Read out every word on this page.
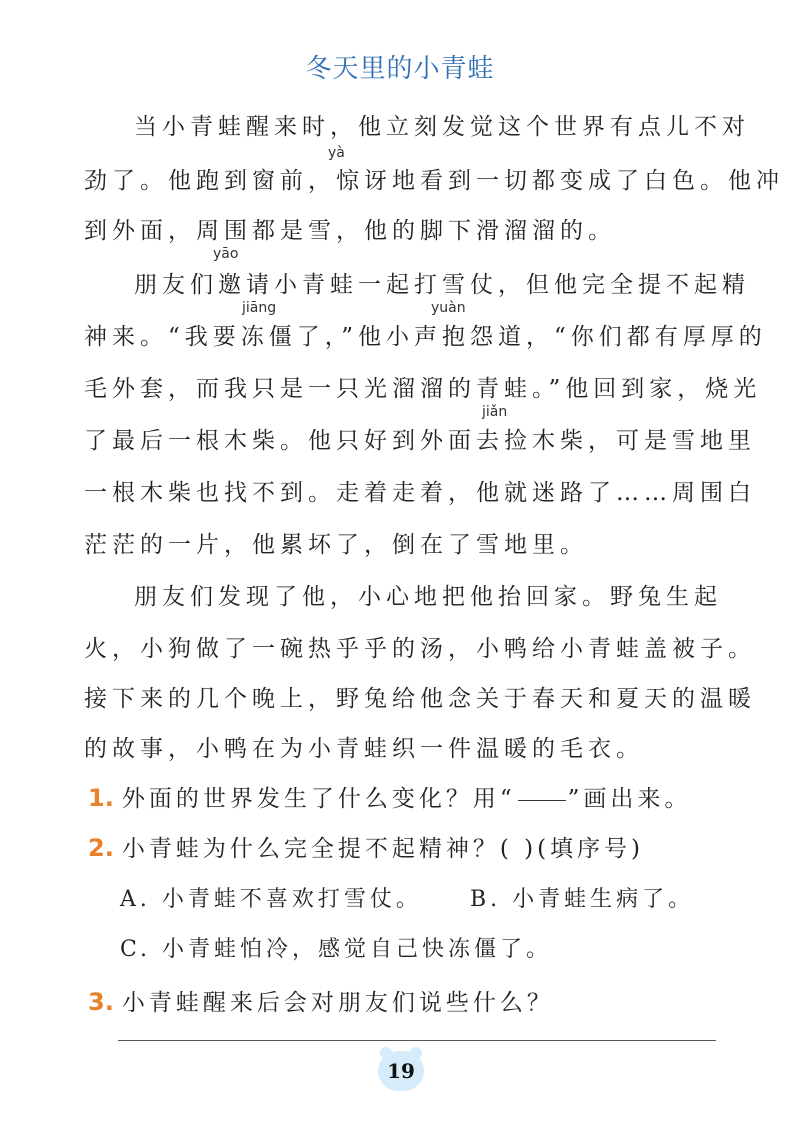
冬天里的小青蛙
yà
yāo
jiāng	yuàn
jiǎn
当小青蛙醒来时，他立刻发觉这个世界有点儿不对
劲了。他跑到窗前，惊讶地看到一切都变成了白色。他冲
到外面，周围都是雪，他的脚下滑溜溜的。
朋友们邀请小青蛙一起打雪仗，但他完全提不起精
神来。“我要冻僵了，”他小声抱怨道，“你们都有厚厚的
毛外套，而我只是一只光溜溜的青蛙。”他回到家，烧光
了最后一根木柴。他只好到外面去捡木柴，可是雪地里
一根木柴也找不到。走着走着，他就迷路了……周围白
茫茫的一片，他累坏了，倒在了雪地里。
朋友们发现了他，小心地把他抬回家。野兔生起
火，小狗做了一碗热乎乎的汤，小鸭给小青蛙盖被子。
接下来的几个晚上，野兔给他念关于春天和夏天的温暖
的故事，小鸭在为小青蛙织一件温暖的毛衣。
1. 外面的世界发生了什么变化？用“ ”画出来。
2. 小青蛙为什么完全提不起精神？( )(填序号)
A. 小青蛙不喜欢打雪仗。 B. 小青蛙生病了。
C. 小青蛙怕冷，感觉自己快冻僵了。
3. 小青蛙醒来后会对朋友们说些什么？
19
